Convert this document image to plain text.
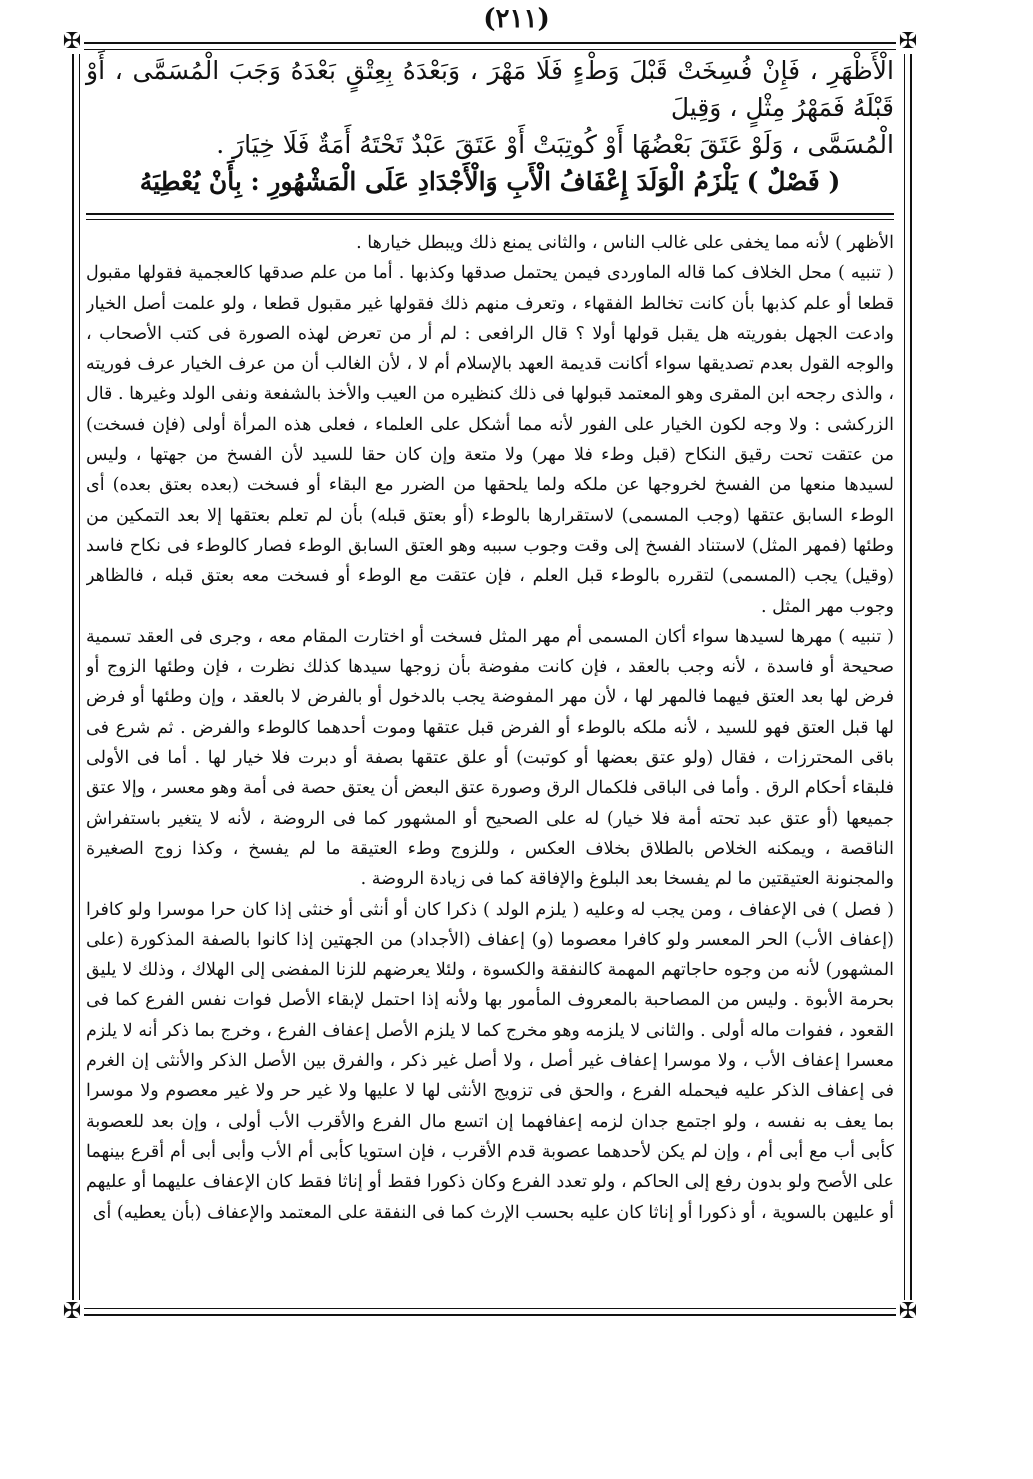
(٢١١)
✠	✠
✠	✠

الْأَظْهَرِ ، فَإِنْ فُسِخَتْ قَبْلَ وَطْءٍ فَلَا مَهْرَ ، وَبَعْدَهُ بِعِتْقٍ بَعْدَهُ وَجَبَ الْمُسَمَّى ، أَوْ قَبْلَهُ فَمَهْرُ مِثْلٍ ، وَقِيلَ

الْمُسَمَّى ، وَلَوْ عَتَقَ بَعْضُهَا أَوْ كُوتِبَتْ أَوْ عَتَقَ عَبْدٌ تَحْتَهُ أَمَةٌ فَلَا خِيَارَ .

( فَصْلٌ ) يَلْزَمُ الْوَلَدَ إِعْفَافُ الْأَبِ وَالْأَجْدَادِ عَلَى الْمَشْهُورِ : بِأَنْ يُعْطِيَهُ

الأظهر ) لأنه مما يخفى على غالب الناس ، والثانى يمنع ذلك ويبطل خيارها .

( تنبيه ) محل الخلاف كما قاله الماوردى فيمن يحتمل صدقها وكذبها . أما من علم صدقها كالعجمية فقولها مقبول قطعا أو علم كذبها بأن كانت تخالط الفقهاء ، وتعرف منهم ذلك فقولها غير مقبول قطعا ، ولو علمت أصل الخيار وادعت الجهل بفوريته هل يقبل قولها أولا ؟ قال الرافعى : لم أر من تعرض لهذه الصورة فى كتب الأصحاب ، والوجه القول بعدم تصديقها سواء أكانت قديمة العهد بالإسلام أم لا ، لأن الغالب أن من عرف الخيار عرف فوريته ، والذى رجحه ابن المقرى وهو المعتمد قبولها فى ذلك كنظيره من العيب والأخذ بالشفعة ونفى الولد وغيرها . قال الزركشى : ولا وجه لكون الخيار على الفور لأنه مما أشكل على العلماء ، فعلى هذه المرأة أولى (فإن فسخت) من عتقت تحت رقيق النكاح (قبل وطء فلا مهر) ولا متعة وإن كان حقا للسيد لأن الفسخ من جهتها ، وليس لسيدها منعها من الفسخ لخروجها عن ملكه ولما يلحقها من الضرر مع البقاء أو فسخت (بعده بعتق بعده) أى الوطء السابق عتقها (وجب المسمى) لاستقرارها بالوطء (أو بعتق قبله) بأن لم تعلم بعتقها إلا بعد التمكين من وطئها (فمهر المثل) لاستناد الفسخ إلى وقت وجوب سببه وهو العتق السابق الوطء فصار كالوطء فى نكاح فاسد (وقيل) يجب (المسمى) لتقرره بالوطء قبل العلم ، فإن عتقت مع الوطء أو فسخت معه بعتق قبله ، فالظاهر وجوب مهر المثل .

( تنبيه ) مهرها لسيدها سواء أكان المسمى أم مهر المثل فسخت أو اختارت المقام معه ، وجرى فى العقد تسمية صحيحة أو فاسدة ، لأنه وجب بالعقد ، فإن كانت مفوضة بأن زوجها سيدها كذلك نظرت ، فإن وطئها الزوج أو فرض لها بعد العتق فيهما فالمهر لها ، لأن مهر المفوضة يجب بالدخول أو بالفرض لا بالعقد ، وإن وطئها أو فرض لها قبل العتق فهو للسيد ، لأنه ملكه بالوطء أو الفرض قبل عتقها وموت أحدهما كالوطء والفرض . ثم شرع فى باقى المحترزات ، فقال (ولو عتق بعضها أو كوتبت) أو علق عتقها بصفة أو دبرت فلا خيار لها . أما فى الأولى فلبقاء أحكام الرق . وأما فى الباقى فلكمال الرق وصورة عتق البعض أن يعتق حصة فى أمة وهو معسر ، وإلا عتق جميعها (أو عتق عبد تحته أمة فلا خيار) له على الصحيح أو المشهور كما فى الروضة ، لأنه لا يتغير باستفراش الناقصة ، ويمكنه الخلاص بالطلاق بخلاف العكس ، وللزوج وطء العتيقة ما لم يفسخ ، وكذا زوج الصغيرة والمجنونة العتيقتين ما لم يفسخا بعد البلوغ والإفاقة كما فى زيادة الروضة .

( فصل ) فى الإعفاف ، ومن يجب له وعليه ( يلزم الولد ) ذكرا كان أو أنثى أو خنثى إذا كان حرا موسرا ولو كافرا (إعفاف الأب) الحر المعسر ولو كافرا معصوما (و) إعفاف (الأجداد) من الجهتين إذا كانوا بالصفة المذكورة (على المشهور) لأنه من وجوه حاجاتهم المهمة كالنفقة والكسوة ، ولئلا يعرضهم للزنا المفضى إلى الهلاك ، وذلك لا يليق بحرمة الأبوة . وليس من المصاحبة بالمعروف المأمور بها ولأنه إذا احتمل لإبقاء الأصل فوات نفس الفرع كما فى القعود ، ففوات ماله أولى . والثانى لا يلزمه وهو مخرج كما لا يلزم الأصل إعفاف الفرع ، وخرج بما ذكر أنه لا يلزم معسرا إعفاف الأب ، ولا موسرا إعفاف غير أصل ، ولا أصل غير ذكر ، والفرق بين الأصل الذكر والأنثى إن الغرم فى إعفاف الذكر عليه فيحمله الفرع ، والحق فى تزويج الأنثى لها لا عليها ولا غير حر ولا غير معصوم ولا موسرا بما يعف به نفسه ، ولو اجتمع جدان لزمه إعفافهما إن اتسع مال الفرع والأقرب الأب أولى ، وإن بعد للعصوبة كأبى أب مع أبى أم ، وإن لم يكن لأحدهما عصوبة قدم الأقرب ، فإن استويا كأبى أم الأب وأبى أبى أم أقرع بينهما على الأصح ولو بدون رفع إلى الحاكم ، ولو تعدد الفرع وكان ذكورا فقط أو إناثا فقط كان الإعفاف عليهما أو عليهم أو عليهن بالسوية ، أو ذكورا أو إناثا كان عليه بحسب الإرث كما فى النفقة على المعتمد والإعفاف (بأن يعطيه) أى
